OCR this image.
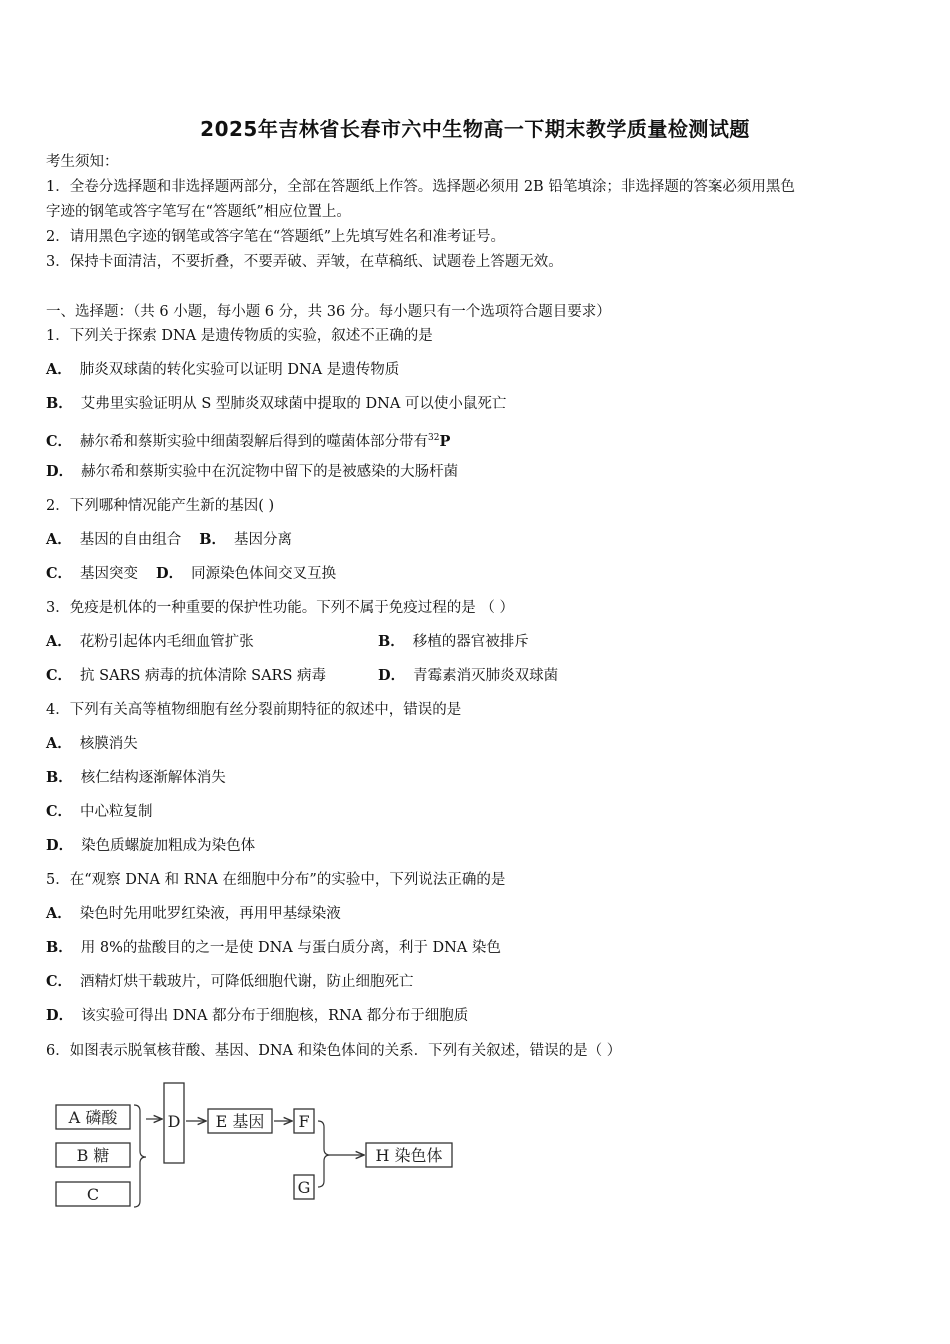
2025年吉林省长春市六中生物高一下期末教学质量检测试题
考生须知：
1．全卷分选择题和非选择题两部分，全部在答题纸上作答。选择题必须用 2B 铅笔填涂；非选择题的答案必须用黑色
字迹的钢笔或答字笔写在“答题纸”相应位置上。
2．请用黑色字迹的钢笔或答字笔在“答题纸”上先填写姓名和准考证号。
3．保持卡面清洁，不要折叠，不要弄破、弄皱，在草稿纸、试题卷上答题无效。
一、选择题：（共 6 小题，每小题 6 分，共 36 分。每小题只有一个选项符合题目要求）
1．下列关于探索 DNA 是遗传物质的实验，叙述不正确的是
A． 肺炎双球菌的转化实验可以证明 DNA 是遗传物质
B． 艾弗里实验证明从 S 型肺炎双球菌中提取的 DNA 可以使小鼠死亡
C． 赫尔希和蔡斯实验中细菌裂解后得到的噬菌体部分带有$^{32}$P
D． 赫尔希和蔡斯实验中在沉淀物中留下的是被感染的大肠杆菌
2．下列哪种情况能产生新的基因( )
A． 基因的自由组合 B． 基因分离
C． 基因突变 D． 同源染色体间交叉互换
3．免疫是机体的一种重要的保护性功能。下列不属于免疫过程的是 （ ）
A． 花粉引起体内毛细血管扩张	B． 移植的器官被排斥
C． 抗 SARS 病毒的抗体清除 SARS 病毒	D． 青霉素消灭肺炎双球菌
4．下列有关高等植物细胞有丝分裂前期特征的叙述中，错误的是
A． 核膜消失
B． 核仁结构逐渐解体消失
C． 中心粒复制
D． 染色质螺旋加粗成为染色体
5．在“观察 DNA 和 RNA 在细胞中分布”的实验中，下列说法正确的是
A． 染色时先用吡罗红染液，再用甲基绿染液
B． 用 8%的盐酸目的之一是使 DNA 与蛋白质分离，利于 DNA 染色
C． 酒精灯烘干载玻片，可降低细胞代谢，防止细胞死亡
D． 该实验可得出 DNA 都分布于细胞核，RNA 都分布于细胞质
6．如图表示脱氧核苷酸、基因、DNA 和染色体间的关系．下列有关叙述，错误的是（ ）
A 磷酸
B 糖
C
D E 基因 F
G
H 染色体
